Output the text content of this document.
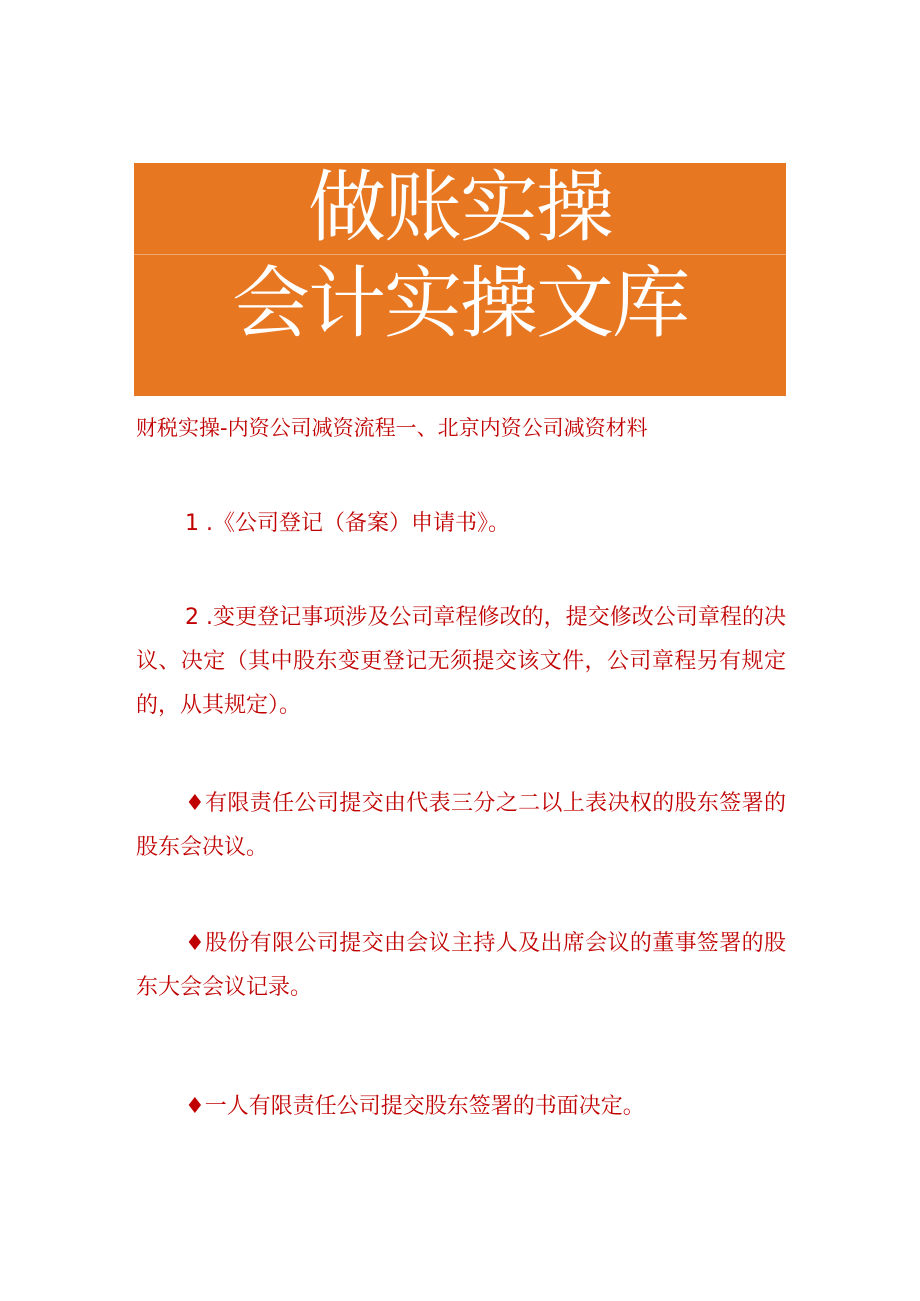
做账实操
会计实操文库
财税实操-内资公司减资流程一、北京内资公司减资材料
1 .《公司登记（备案）申请书》。
2 .变更登记事项涉及公司章程修改的，提交修改公司章程的决议、决定（其中股东变更登记无须提交该文件，公司章程另有规定的，从其规定）。
♦有限责任公司提交由代表三分之二以上表决权的股东签署的股东会决议。
♦股份有限公司提交由会议主持人及出席会议的董事签署的股东大会会议记录。
♦一人有限责任公司提交股东签署的书面决定。
